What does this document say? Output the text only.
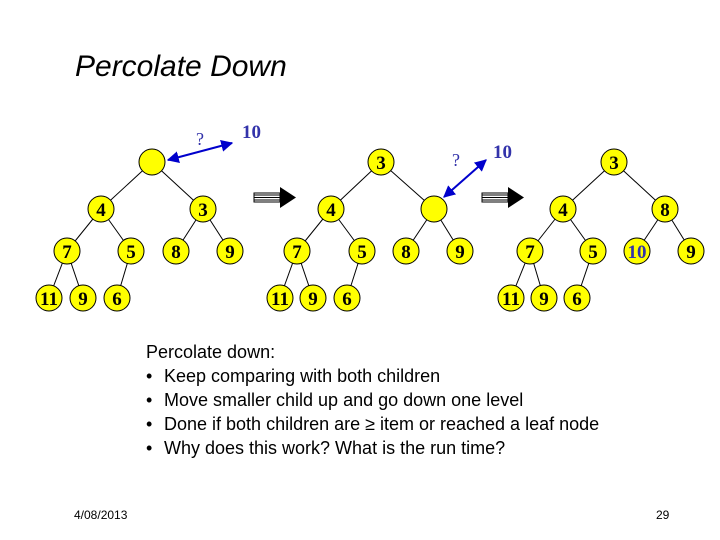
Percolate Down
4	3
7	5 8 9
11 9 6
? 10
3
4
7	5 8 9
11 9 6
? 10
3
4	8
7	5 10 9
11 9 6
Percolate down:
• Keep comparing with both children
• Move smaller child up and go down one level
• Done if both children are ≥ item or reached a leaf node
• Why does this work? What is the run time?
4/08/2013	29
